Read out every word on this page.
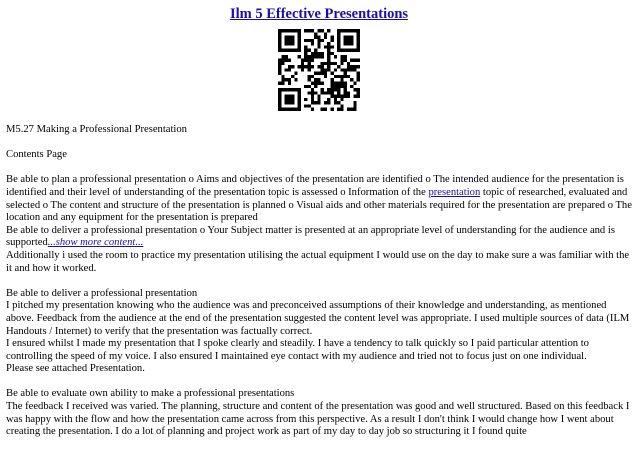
Ilm 5 Effective Presentations

M5.27 Making a Professional Presentation

Contents Page

Be able to plan a professional presentation o Aims and objectives of the presentation are identified o The intended audience for the presentation is identified and their level of understanding of the presentation topic is assessed o Information of the presentation topic of researched, evaluated and selected o The content and structure of the presentation is planned o Visual aids and other materials required for the presentation are prepared o The location and any equipment for the presentation is prepared

Be able to deliver a professional presentation o Your Subject matter is presented at an appropriate level of understanding for the audience and is supported...show more content...

Additionally i used the room to practice my presentation utilising the actual equipment I would use on the day to make sure a was familiar with the it and how it worked.

Be able to deliver a professional presentation

I pitched my presentation knowing who the audience was and preconceived assumptions of their knowledge and understanding, as mentioned above. Feedback from the audience at the end of the presentation suggested the content level was appropriate. I used multiple sources of data (ILM Handouts / Internet) to verify that the presentation was factually correct.

I ensured whilst I made my presentation that I spoke clearly and steadily. I have a tendency to talk quickly so I paid particular attention to controlling the speed of my voice. I also ensured I maintained eye contact with my audience and tried not to focus just on one individual.

Please see attached Presentation.

Be able to evaluate own ability to make a professional presentations

The feedback I received was varied. The planning, structure and content of the presentation was good and well structured. Based on this feedback I was happy with the flow and how the presentation came across from this perspective. As a result I don't think I would change how I went about creating the presentation. I do a lot of planning and project work as part of my day to day job so structuring it I found quite
